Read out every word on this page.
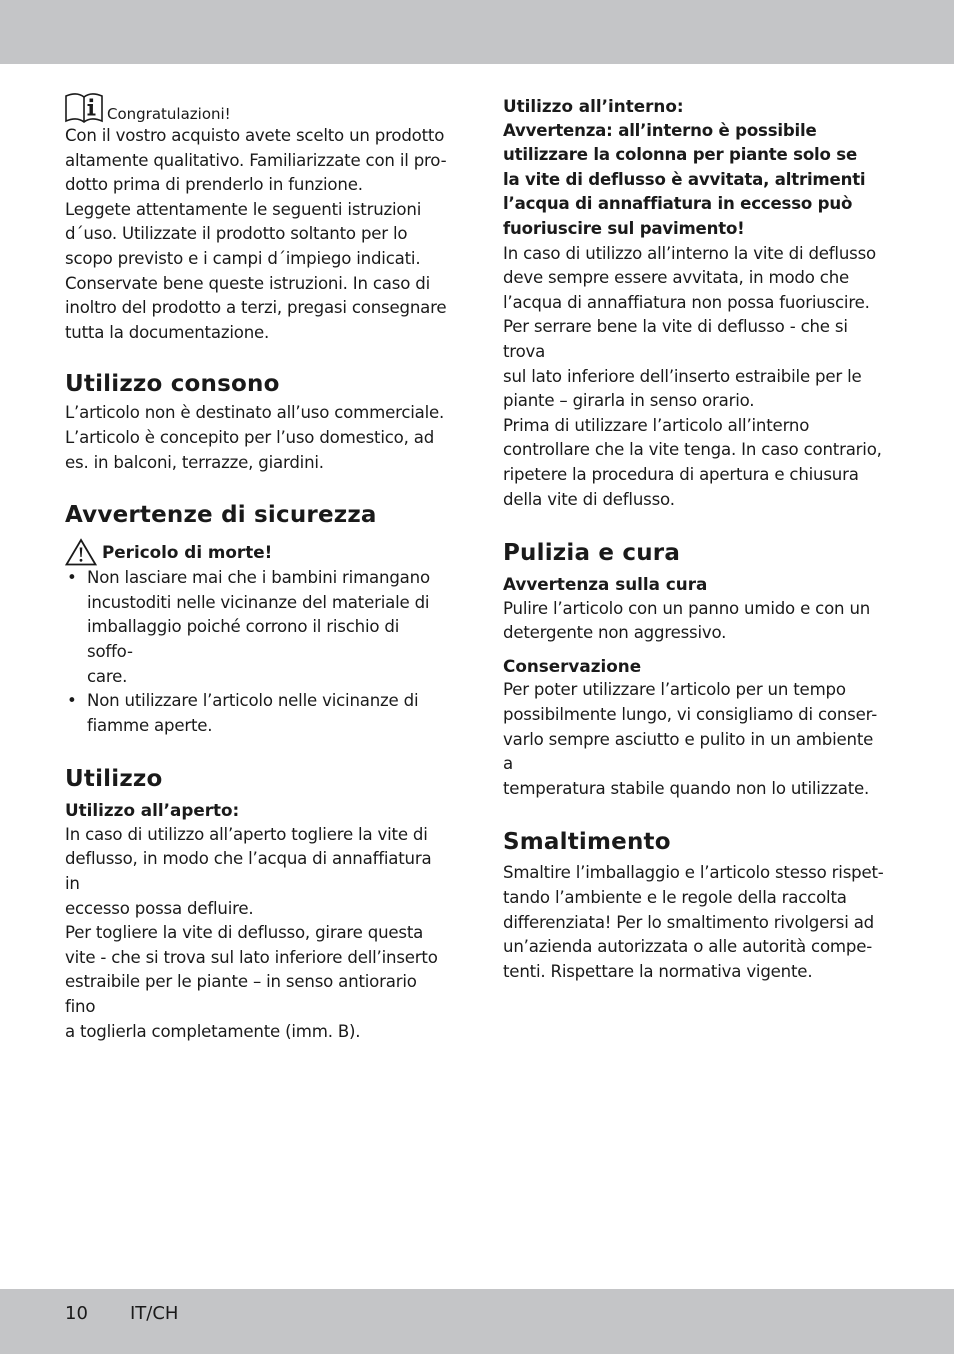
Congratulazioni!

Con il vostro acquisto avete scelto un prodotto

altamente qualitativo. Familiarizzate con il pro-

dotto prima di prenderlo in funzione.

Leggete attentamente le seguenti istruzioni

d´uso. Utilizzate il prodotto soltanto per lo

scopo previsto e i campi d´impiego indicati.

Conservate bene queste istruzioni. In caso di

inoltro del prodotto a terzi, pregasi consegnare

tutta la documentazione.

Utilizzo consono

L’articolo non è destinato all’uso commerciale.

L’articolo è concepito per l’uso domestico, ad

es. in balconi, terrazze, giardini.

Avvertenze di sicurezza
Pericolo di morte!
• Non lasciare mai che i bambini rimangano
incustoditi nelle vicinanze del materiale di
imballaggio poiché corrono il rischio di soffo-
care.
• Non utilizzare l’articolo nelle vicinanze di
fiamme aperte.
Utilizzo
Utilizzo all’aperto:

In caso di utilizzo all’aperto togliere la vite di

deflusso, in modo che l’acqua di annaffiatura in

eccesso possa defluire.

Per togliere la vite di deflusso, girare questa

vite - che si trova sul lato inferiore dell’inserto

estraibile per le piante – in senso antiorario fino

a toglierla completamente (imm. B).

Utilizzo all’interno:
Avvertenza: all’interno è possibile
utilizzare la colonna per piante solo se
la vite di deflusso è avvitata, altrimenti
l’acqua di annaffiatura in eccesso può
fuoriuscire sul pavimento!

In caso di utilizzo all’interno la vite di deflusso

deve sempre essere avvitata, in modo che

l’acqua di annaffiatura non possa fuoriuscire.

Per serrare bene la vite di deflusso - che si trova

sul lato inferiore dell’inserto estraibile per le

piante – girarla in senso orario.

Prima di utilizzare l’articolo all’interno

controllare che la vite tenga. In caso contrario,

ripetere la procedura di apertura e chiusura

della vite di deflusso.

Pulizia e cura
Avvertenza sulla cura

Pulire l’articolo con un panno umido e con un

detergente non aggressivo.

Conservazione

Per poter utilizzare l’articolo per un tempo

possibilmente lungo, vi consigliamo di conser-

varlo sempre asciutto e pulito in un ambiente a

temperatura stabile quando non lo utilizzate.

Smaltimento

Smaltire l’imballaggio e l’articolo stesso rispet-

tando l’ambiente e le regole della raccolta

differenziata! Per lo smaltimento rivolgersi ad

un’azienda autorizzata o alle autorità compe-

tenti. Rispettare la normativa vigente.

10 IT/CH
